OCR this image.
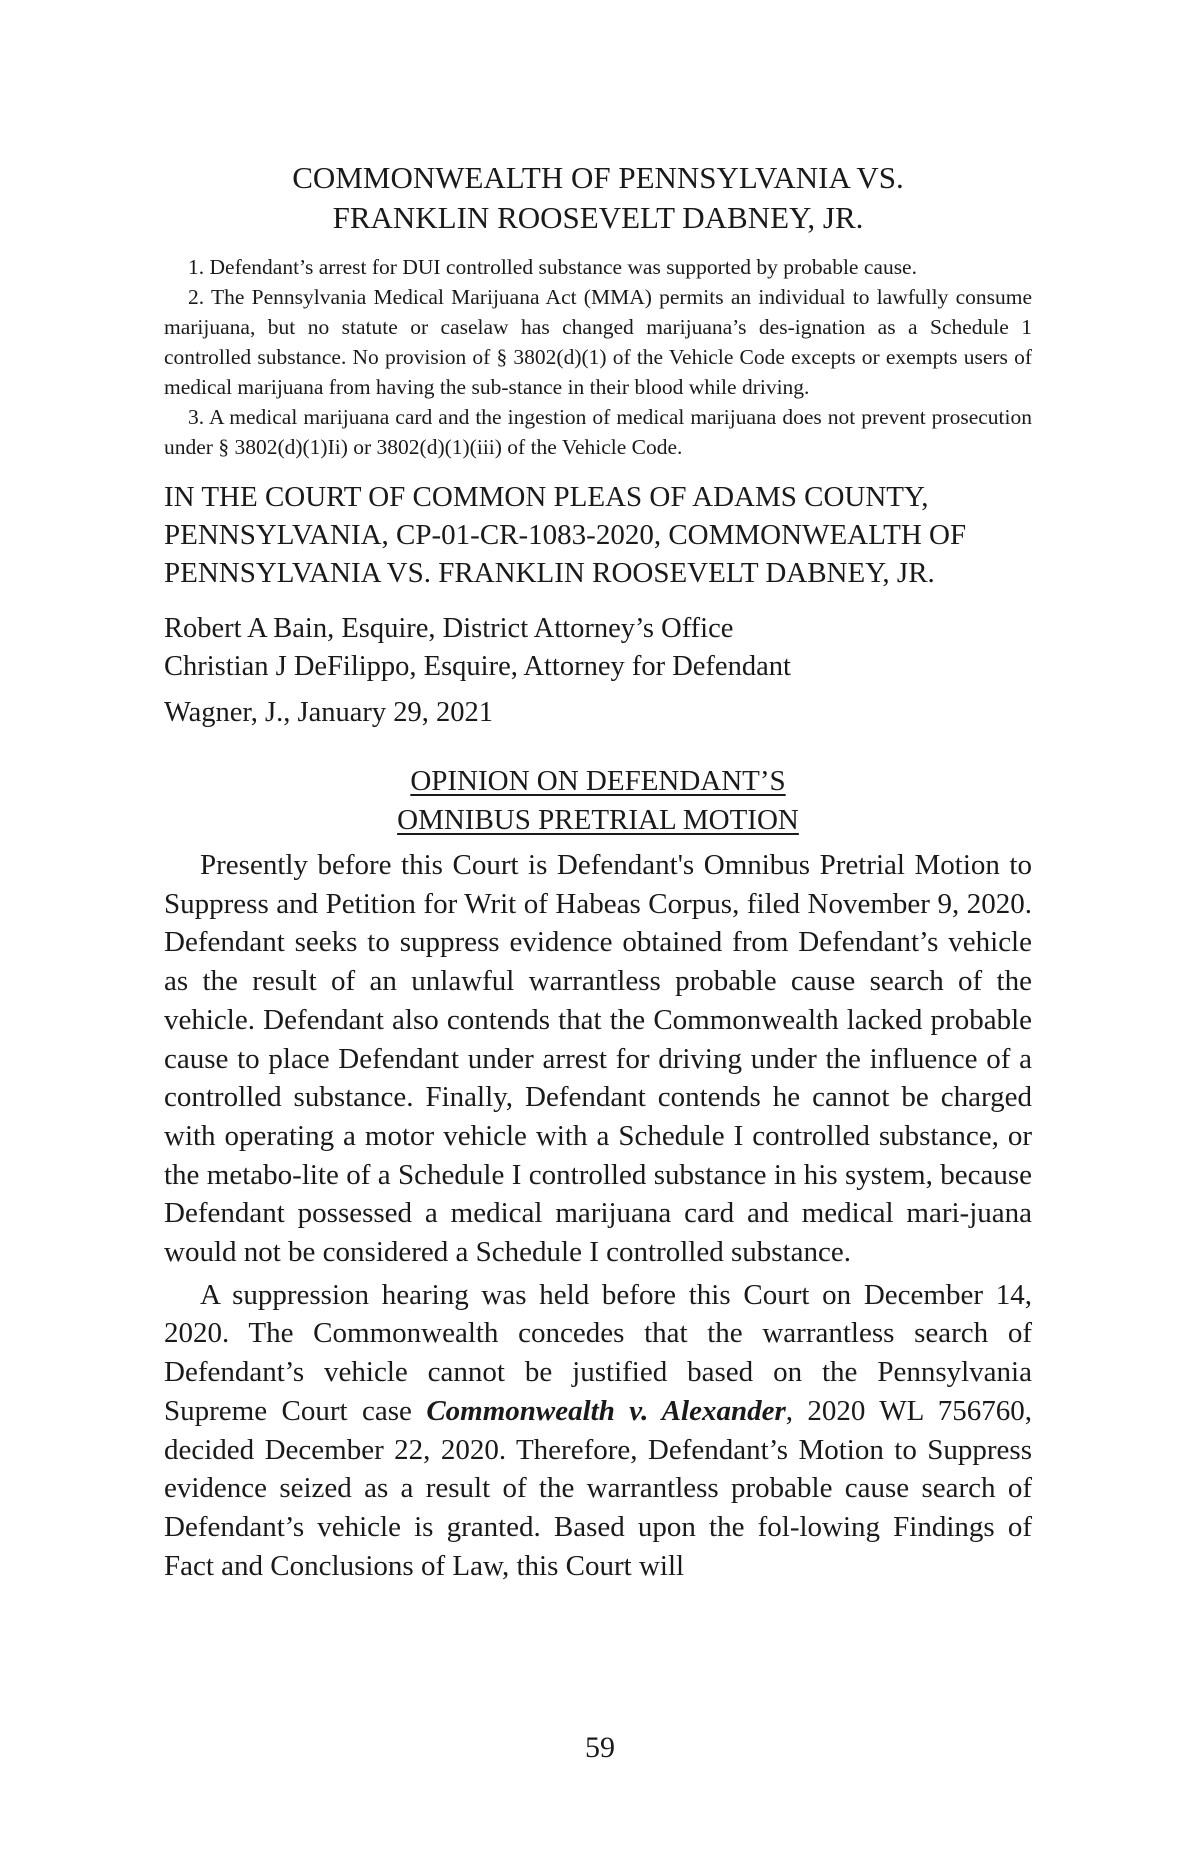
COMMONWEALTH OF PENNSYLVANIA VS.
FRANKLIN ROOSEVELT DABNEY, JR.

1. Defendant’s arrest for DUI controlled substance was supported by probable cause.

2. The Pennsylvania Medical Marijuana Act (MMA) permits an individual to lawfully consume marijuana, but no statute or caselaw has changed marijuana’s des-ignation as a Schedule 1 controlled substance. No provision of § 3802(d)(1) of the Vehicle Code excepts or exempts users of medical marijuana from having the sub-stance in their blood while driving.

3. A medical marijuana card and the ingestion of medical marijuana does not prevent prosecution under § 3802(d)(1)Ii) or 3802(d)(1)(iii) of the Vehicle Code.

IN THE COURT OF COMMON PLEAS OF ADAMS COUNTY,
PENNSYLVANIA, CP-01-CR-1083-2020, COMMONWEALTH OF
PENNSYLVANIA VS. FRANKLIN ROOSEVELT DABNEY, JR.
Robert A Bain, Esquire, District Attorney’s Office
Christian J DeFilippo, Esquire, Attorney for Defendant
Wagner, J., January 29, 2021
OPINION ON DEFENDANT’S
OMNIBUS PRETRIAL MOTION

Presently before this Court is Defendant's Omnibus Pretrial Motion to Suppress and Petition for Writ of Habeas Corpus, filed November 9, 2020. Defendant seeks to suppress evidence obtained from Defendant’s vehicle as the result of an unlawful warrantless probable cause search of the vehicle. Defendant also contends that the Commonwealth lacked probable cause to place Defendant under arrest for driving under the influence of a controlled substance. Finally, Defendant contends he cannot be charged with operating a motor vehicle with a Schedule I controlled substance, or the metabo-lite of a Schedule I controlled substance in his system, because Defendant possessed a medical marijuana card and medical mari-juana would not be considered a Schedule I controlled substance.

A suppression hearing was held before this Court on December 14, 2020. The Commonwealth concedes that the warrantless search of Defendant’s vehicle cannot be justified based on the Pennsylvania Supreme Court case Commonwealth v. Alexander, 2020 WL 756760, decided December 22, 2020. Therefore, Defendant’s Motion to Suppress evidence seized as a result of the warrantless probable cause search of Defendant’s vehicle is granted. Based upon the fol-lowing Findings of Fact and Conclusions of Law, this Court will

59
